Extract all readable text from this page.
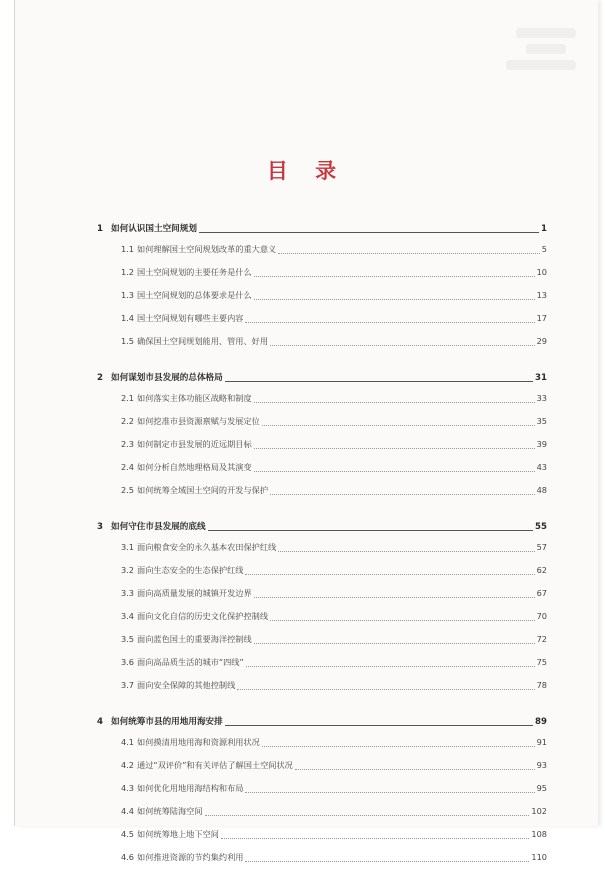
目 录
1 如何认识国土空间规划	1
1.1 如何理解国土空间规划改革的重大意义	5
1.2 国土空间规划的主要任务是什么	10
1.3 国土空间规划的总体要求是什么	13
1.4 国土空间规划有哪些主要内容	17
1.5 确保国土空间规划能用、管用、好用	29
2 如何谋划市县发展的总体格局	31
2.1 如何落实主体功能区战略和制度	33
2.2 如何挖准市县资源禀赋与发展定位	35
2.3 如何制定市县发展的近远期目标	39
2.4 如何分析自然地理格局及其演变	43
2.5 如何统筹全域国土空间的开发与保护	48
3 如何守住市县发展的底线	55
3.1 面向粮食安全的永久基本农田保护红线	57
3.2 面向生态安全的生态保护红线	62
3.3 面向高质量发展的城镇开发边界	67
3.4 面向文化自信的历史文化保护控制线	70
3.5 面向蓝色国土的重要海洋控制线	72
3.6 面向高品质生活的城市“四线”	75
3.7 面向安全保障的其他控制线	78
4 如何统筹市县的用地用海安排	89
4.1 如何摸清用地用海和资源利用状况	91
4.2 通过“双评价”和有关评估了解国土空间状况	93
4.3 如何优化用地用海结构和布局	95
4.4 如何统筹陆海空间	102
4.5 如何统筹地上地下空间	108
4.6 如何推进资源的节约集约利用	110
